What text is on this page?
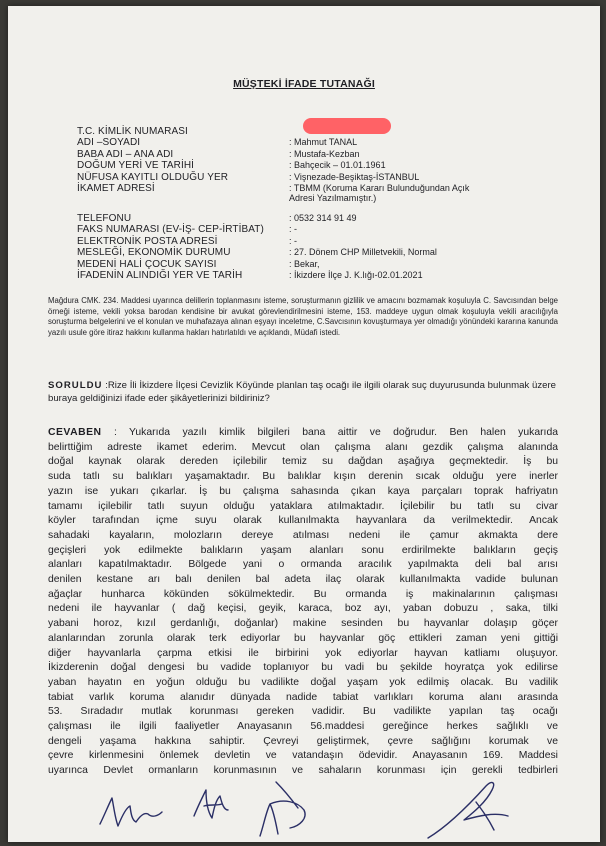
MÜŞTEKİ İFADE TUTANAĞI
T.C. KİMLİK NUMARASI
ADI –SOYADI	: Mahmut TANAL
BABA ADI – ANA ADI	: Mustafa-Kezban
DOĞUM YERİ VE TARİHİ	: Bahçecik – 01.01.1961
NÜFUSA KAYITLI OLDUĞU YER	: Vişnezade-Beşiktaş-İSTANBUL
İKAMET ADRESİ	: TBMM (Koruma Kararı Bulunduğundan Açık Adresi Yazılmamıştır.)
TELEFONU	: 0532 314 91 49
FAKS NUMARASI (EV-İŞ- CEP-İRTİBAT)	: -
ELEKTRONİK POSTA ADRESİ	: -
MESLEĞİ, EKONOMİK DURUMU	: 27. Dönem CHP Milletvekili, Normal
MEDENİ HALİ ÇOCUK SAYISI	: Bekar,
İFADENİN ALINDIĞI YER VE TARİH	: İkizdere İlçe J. K.lığı-02.01.2021
Mağdura CMK. 234. Maddesi uyarınca delillerin toplanmasını isteme, soruşturmanın gizlilik ve amacını bozmamak koşuluyla C. Savcısından belge örneği isteme, vekili yoksa barodan kendisine bir avukat görevlendirilmesini isteme, 153. maddeye uygun olmak koşuluyla vekili aracılığıyla soruşturma belgelerini ve el konulan ve muhafazaya alınan eşyayı inceletme, C.Savcısının kovuşturmaya yer olmadığı yönündeki kararına kanunda yazılı usule göre itiraz hakkını kullanma hakları hatırlatıldı ve açıklandı, Müdafi istedi.
SORULDU :Rize İli İkizdere İlçesi Cevizlik Köyünde planlan taş ocağı ile ilgili olarak suç duyurusunda bulunmak üzere buraya geldiğinizi ifade eder şikâyetlerinizi bildiriniz?
CEVABEN : Yukarıda yazılı kimlik bilgileri bana aittir ve doğrudur. Ben halen yukarıda
belirttiğim adreste ikamet ederim. Mevcut olan çalışma alanı gezdik çalışma alanında
doğal kaynak olarak dereden içilebilir temiz su dağdan aşağıya geçmektedir. İş bu
suda tatlı su balıkları yaşamaktadır. Bu balıklar kışın derenin sıcak olduğu yere inerler
yazın ise yukarı çıkarlar. İş bu çalışma sahasında çıkan kaya parçaları toprak hafriyatın
tamamı içilebilir tatlı suyun olduğu yataklara atılmaktadır. İçilebilir bu tatlı su civar
köyler tarafından içme suyu olarak kullanılmakta hayvanlara da verilmektedir. Ancak
sahadaki kayaların, molozların dereye atılması nedeni ile çamur akmakta dere
geçişleri yok edilmekte balıkların yaşam alanları sonu erdirilmekte balıkların geçiş
alanları kapatılmaktadır. Bölgede yani o ormanda aracılık yapılmakta deli bal arısı
denilen kestane arı balı denilen bal adeta ilaç olarak kullanılmakta vadide bulunan
ağaçlar hunharca kökünden sökülmektedir. Bu ormanda iş makinalarının çalışması
nedeni ile hayvanlar ( dağ keçisi, geyik, karaca, boz ayı, yaban dobuzu , saka, tilki
yabani horoz, kızıl gerdanlığı, doğanlar) makine sesinden bu hayvanlar dolaşıp göçer
alanlarından zorunla olarak terk ediyorlar bu hayvanlar göç ettikleri zaman yeni gittiği
diğer hayvanlarla çarpma etkisi ile birbirini yok ediyorlar hayvan katliamı oluşuyor.
İkizderenin doğal dengesi bu vadide toplanıyor bu vadi bu şekilde hoyratça yok edilirse
yaban hayatın en yoğun olduğu bu vadilikte doğal yaşam yok edilmiş olacak. Bu vadilik
tabiat varlık koruma alanıdır dünyada nadide tabiat varlıkları koruma alanı arasında
53. Sıradadır mutlak korunması gereken vadidir. Bu vadilikte yapılan taş ocağı
çalışması ile ilgili faaliyetler Anayasanın 56.maddesi gereğince herkes sağlıklı ve
dengeli yaşama hakkına sahiptir. Çevreyi geliştirmek, çevre sağlığını korumak ve
çevre kirlenmesini önlemek devletin ve vatandaşın ödevidir. Anayasanın 169. Maddesi
uyarınca Devlet ormanların korunmasının ve sahaların korunması için gerekli tedbirleri
